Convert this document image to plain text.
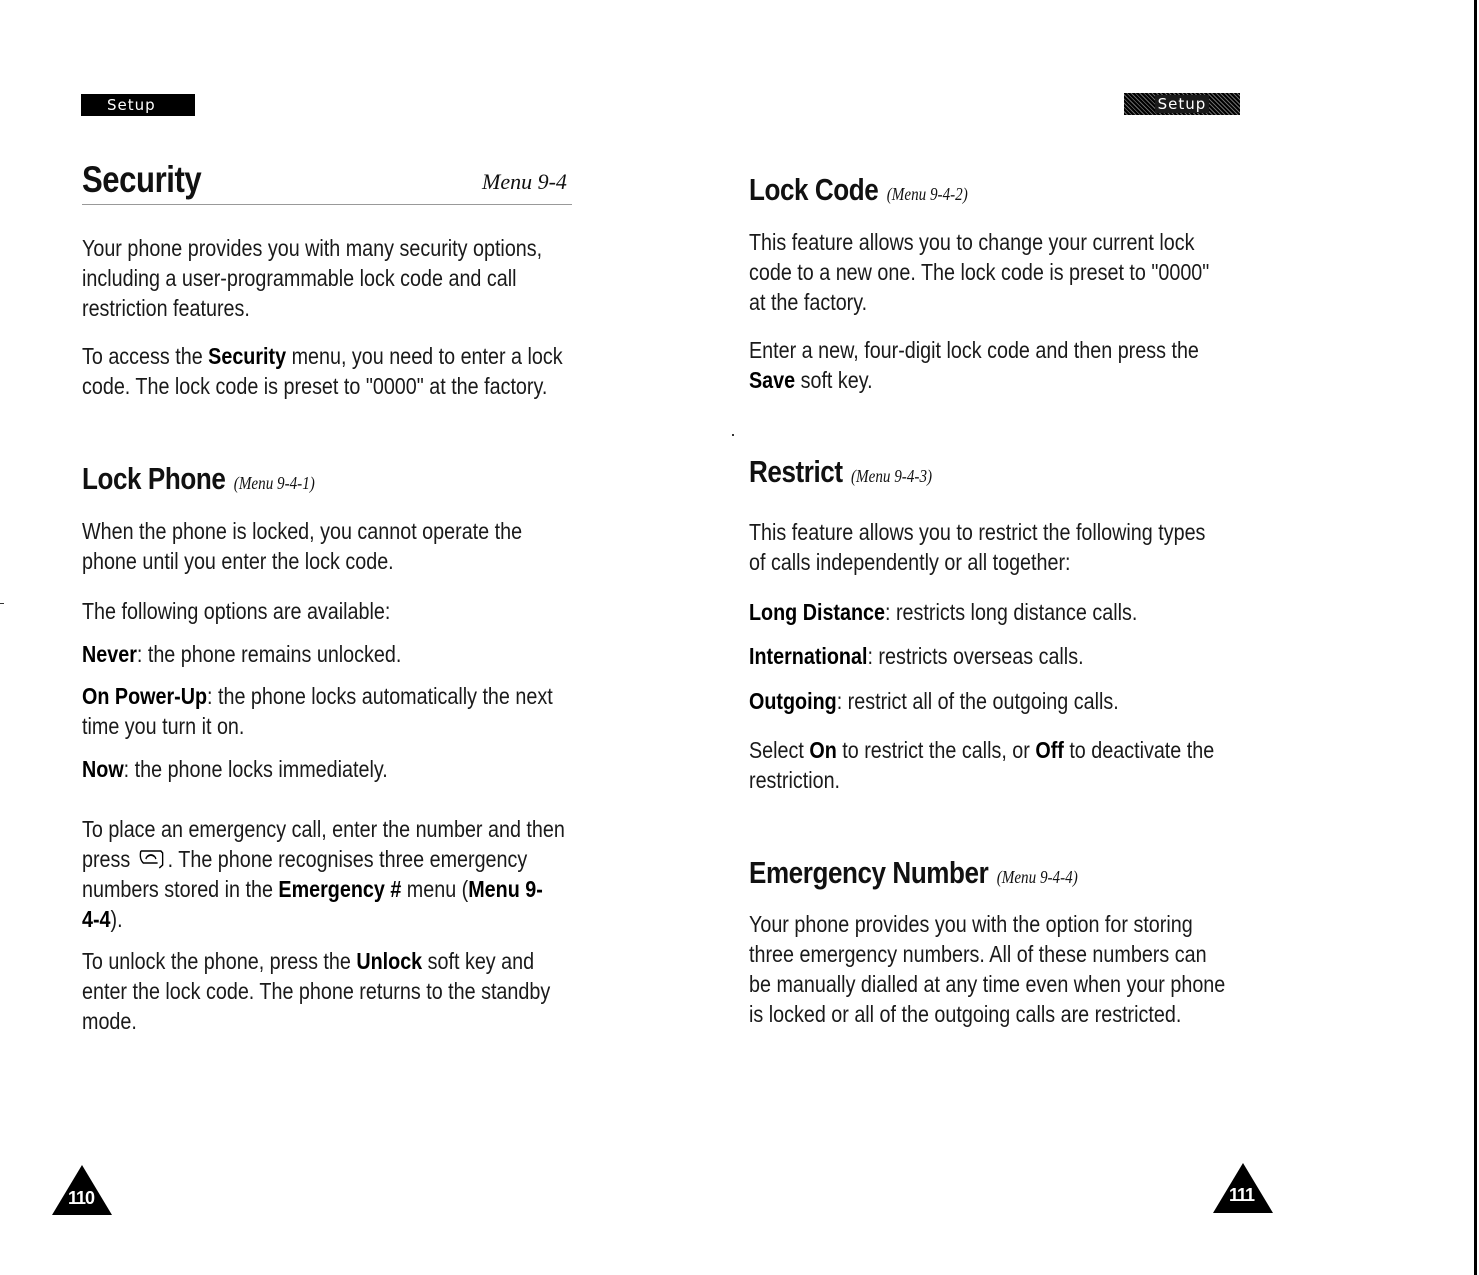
Setup	Setup
Security	Menu 9-4
Your phone provides you with many security options,
including a user-programmable lock code and call
restriction features.
To access the Security menu, you need to enter a lock
code. The lock code is preset to "0000" at the factory.
Lock Phone (Menu 9-4-1)
When the phone is locked, you cannot operate the
phone until you enter the lock code.
The following options are available:
Never: the phone remains unlocked.
On Power-Up: the phone locks automatically the next
time you turn it on.
Now: the phone locks immediately.
To place an emergency call, enter the number and then
press . The phone recognises three emergency
numbers stored in the Emergency # menu (Menu 9-
4-4).
To unlock the phone, press the Unlock soft key and
enter the lock code. The phone returns to the standby
mode.
110
Lock Code (Menu 9-4-2)
This feature allows you to change your current lock
code to a new one. The lock code is preset to "0000"
at the factory.
Enter a new, four-digit lock code and then press the
Save soft key.
Restrict (Menu 9-4-3)
This feature allows you to restrict the following types
of calls independently or all together:
Long Distance: restricts long distance calls.
International: restricts overseas calls.
Outgoing: restrict all of the outgoing calls.
Select On to restrict the calls, or Off to deactivate the
restriction.
Emergency Number (Menu 9-4-4)
Your phone provides you with the option for storing
three emergency numbers. All of these numbers can
be manually dialled at any time even when your phone
is locked or all of the outgoing calls are restricted.
111
